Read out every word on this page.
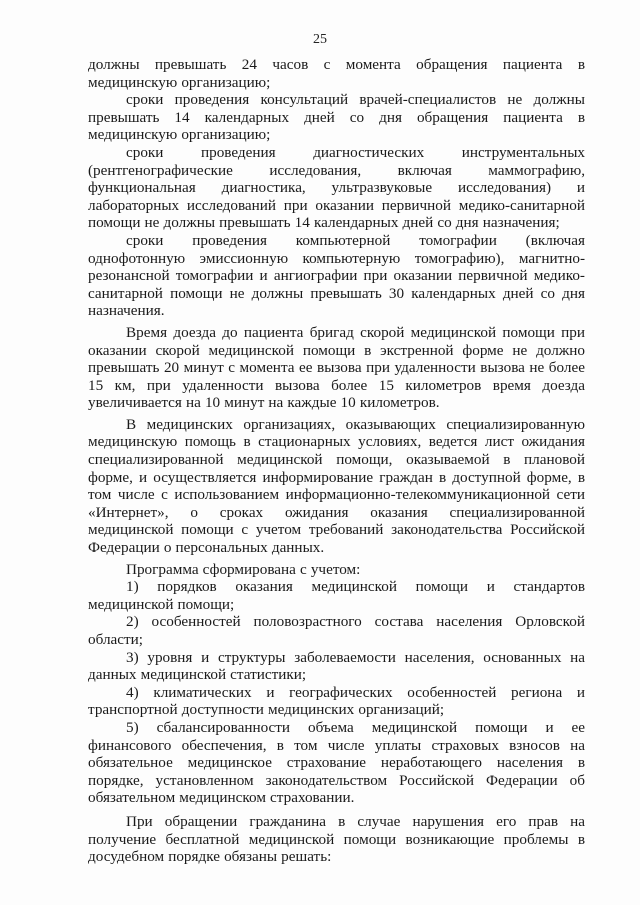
25

должны превышать 24 часов с момента обращения пациента в медицинскую организацию;

сроки проведения консультаций врачей-специалистов не должны превышать 14 календарных дней со дня обращения пациента в медицинскую организацию;

сроки проведения диагностических инструментальных (рентгенографические исследования, включая маммографию, функциональная диагностика, ультразвуковые исследования) и лабораторных исследований при оказании первичной медико-санитарной помощи не должны превышать 14 календарных дней со дня назначения;

сроки проведения компьютерной томографии (включая однофотонную эмиссионную компьютерную томографию), магнитно-резонансной томографии и ангиографии при оказании первичной медико-санитарной помощи не должны превышать 30 календарных дней со дня назначения.

Время доезда до пациента бригад скорой медицинской помощи при оказании скорой медицинской помощи в экстренной форме не должно превышать 20 минут с момента ее вызова при удаленности вызова не более 15 км, при удаленности вызова более 15 километров время доезда увеличивается на 10 минут на каждые 10 километров.

В медицинских организациях, оказывающих специализированную медицинскую помощь в стационарных условиях, ведется лист ожидания специализированной медицинской помощи, оказываемой в плановой форме, и осуществляется информирование граждан в доступной форме, в том числе с использованием информационно-телекоммуникационной сети «Интернет», о сроках ожидания оказания специализированной медицинской помощи с учетом требований законодательства Российской Федерации о персональных данных.

Программа сформирована с учетом:

1) порядков оказания медицинской помощи и стандартов медицинской помощи;

2) особенностей половозрастного состава населения Орловской области;

3) уровня и структуры заболеваемости населения, основанных на данных медицинской статистики;

4) климатических и географических особенностей региона и транспортной доступности медицинских организаций;

5) сбалансированности объема медицинской помощи и ее финансового обеспечения, в том числе уплаты страховых взносов на обязательное медицинское страхование неработающего населения в порядке, установленном законодательством Российской Федерации об обязательном медицинском страховании.

При обращении гражданина в случае нарушения его прав на получение бесплатной медицинской помощи возникающие проблемы в досудебном порядке обязаны решать:
